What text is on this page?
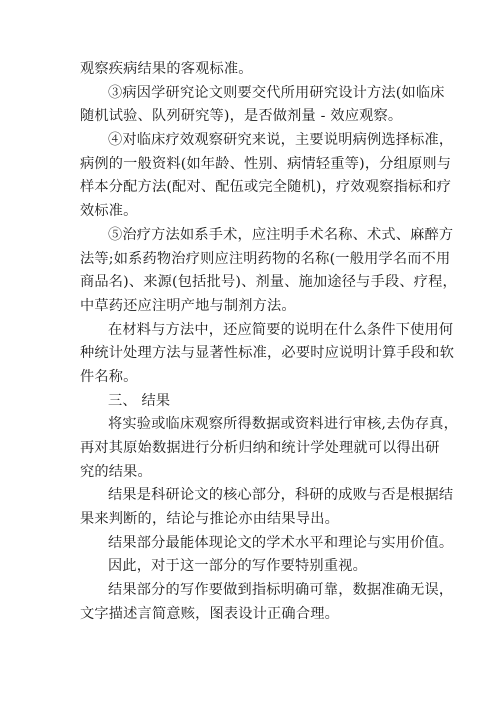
观察疾病结果的客观标准。
③病因学研究论文则要交代所用研究设计方法(如临床
随机试验、队列研究等)，是否做剂量 - 效应观察。
④对临床疗效观察研究来说，主要说明病例选择标准，
病例的一般资料(如年龄、性别、病情轻重等)，分组原则与
样本分配方法(配对、配伍或完全随机)，疗效观察指标和疗
效标准。
⑤治疗方法如系手术，应注明手术名称、术式、麻醉方
法等;如系药物治疗则应注明药物的名称(一般用学名而不用
商品名)、来源(包括批号)、剂量、施加途径与手段、疗程，
中草药还应注明产地与制剂方法。
在材料与方法中，还应简要的说明在什么条件下使用何
种统计处理方法与显著性标准，必要时应说明计算手段和软
件名称。
三、 结果
将实验或临床观察所得数据或资料进行审核,去伪存真，
再对其原始数据进行分析归纳和统计学处理就可以得出研
究的结果。
结果是科研论文的核心部分，科研的成败与否是根据结
果来判断的，结论与推论亦由结果导出。
结果部分最能体现论文的学术水平和理论与实用价值。
因此，对于这一部分的写作要特别重视。
结果部分的写作要做到指标明确可靠，数据准确无误，
文字描述言简意赅，图表设计正确合理。
